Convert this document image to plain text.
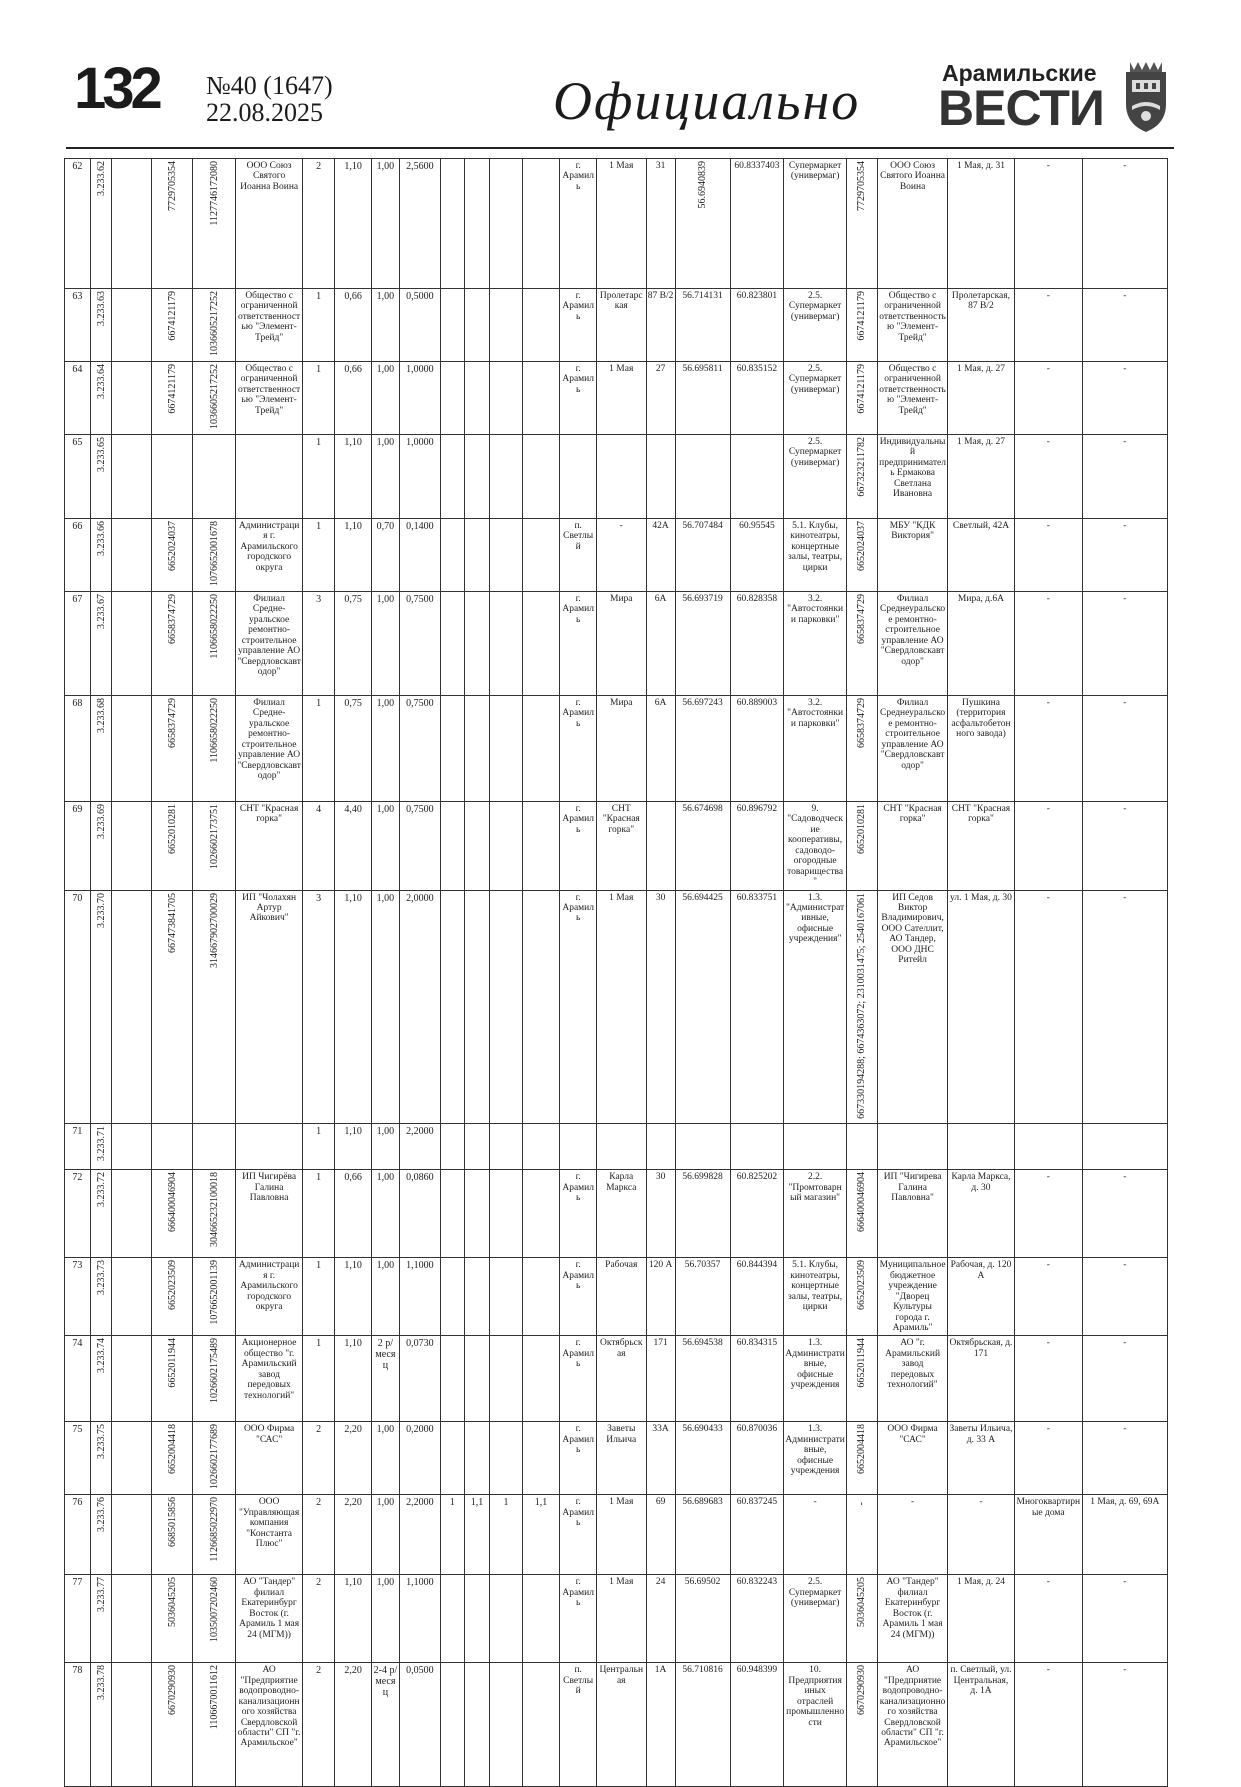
132 №40 (1647)
22.08.2025	Официально	Арамильские
ВЕСТИ
62	3.233.62		7729705354	1127746172080	ООО Союз Святого Иоанна Воина	2	1,10	1,00	2,5600					г. Арамиль	1 Мая	31	56.6940839	60.8337403	Супермаркет (универмаг)	7729705354	ООО Союз Святого Иоанна Воина	1 Мая, д. 31	-	-
63	3.233.63		6674121179	1036605217252	Общество с ограниченной ответственностью "Элемент-Трейд"	1	0,66	1,00	0,5000					г. Арамиль	Пролетарская	87 В/2	56.714131	60.823801	2.5. Супермаркет (универмаг)	6674121179	Общество с ограниченной ответственностью "Элемент-Трейд"	Пролетарская, 87 В/2	-	-
64	3.233.64		6674121179	1036605217252	Общество с ограниченной ответственностью "Элемент-Трейд"	1	0,66	1,00	1,0000					г. Арамиль	1 Мая	27	56.695811	60.835152	2.5. Супермаркет (универмаг)	6674121179	Общество с ограниченной ответственностью "Элемент-Трейд"	1 Мая, д. 27	-	-
65	3.233.65					1	1,10	1,00	1,0000										2.5. Супермаркет (универмаг)	667323211782	Индивидуальный предприниматель Ермакова Светлана Ивановна	1 Мая, д. 27	-	-
66	3.233.66		6652024037	1076652001678	Администрация г. Арамильского городского округа	1	1,10	0,70	0,1400					п. Светлый	-	42А	56.707484	60.95545	5.1. Клубы, кинотеатры, концертные залы, театры, цирки	6652024037	МБУ "КДК Виктория"	Светлый, 42А	-	-
67	3.233.67		6658374729	1106658022250	Филиал Средне-уральское ремонтно-строительное управление АО "Свердловскавтодор"	3	0,75	1,00	0,7500					г. Арамиль	Мира	6А	56.693719	60.828358	3.2. "Автостоянки и парковки"	6658374729	Филиал Среднеуральское ремонтно-строительное управление АО "Свердловскавтодор"	Мира, д.6А	-	-
68	3.233.68		6658374729	1106658022250	Филиал Средне-уральское ремонтно-строительное управление АО "Свердловскавтодор"	1	0,75	1,00	0,7500					г. Арамиль	Мира	6А	56.697243	60.889003	3.2. "Автостоянки и парковки"	6658374729	Филиал Среднеуральское ремонтно-строительное управление АО "Свердловскавтодор"	Пушкина (территория асфальтобетонного завода)	-	-
69	3.233.69		6652010281	1026602173751	СНТ "Красная горка"	4	4,40	1,00	0,7500					г. Арамиль	СНТ "Красная горка"		56.674698	60.896792	9. "Садоводческие кооперативы, садоводо-огородные товарищества"	6652010281	СНТ "Красная горка"	СНТ "Красная горка"	-	-
70	3.233.70		667473841705	314667902700029	ИП "Чолахян Артур Айкович"	3	1,10	1,00	2,0000					г. Арамиль	1 Мая	30	56.694425	60.833751	1.3. "Административные, офисные учреждения"	667330194288; 6674363072; 2310031475; 2540167061	ИП Седов Виктор Владимирович, ООО Сателлит, АО Тандер, ООО ДНС Ритейл	ул. 1 Мая, д. 30	-	-
71	3.233.71					1	1,10	1,00	2,2000															
72	3.233.72		666400046904	304665232100018	ИП Чигирёва Галина Павловна	1	0,66	1,00	0,0860					г. Арамиль	Карла Маркса	30	56.699828	60.825202	2.2. "Промтоварный магазин"	666400046904	ИП "Чигирева Галина Павловна"	Карла Маркса, д. 30	-	-
73	3.233.73		6652023509	1076652001139	Администрация г. Арамильского городского округа	1	1,10	1,00	1,1000					г. Арамиль	Рабочая	120 А	56.70357	60.844394	5.1. Клубы, кинотеатры, концертные залы, театры, цирки	6652023509	Муниципальное бюджетное учреждение "Дворец Культуры города г. Арамиль"	Рабочая, д. 120 А	-	-
74	3.233.74		6652011944	1026602175489	Акционерное общество "г. Арамильский завод передовых технологий"	1	1,10	2 р/месяц	0,0730					г. Арамиль	Октябрьская	171	56.694538	60.834315	1.3. Административные, офисные учреждения	6652011944	АО "г. Арамильский завод передовых технологий"	Октябрьская, д. 171	-	-
75	3.233.75		6652004418	1026602177689	ООО Фирма "САС"	2	2,20	1,00	0,2000					г. Арамиль	Заветы Ильича	33А	56.690433	60.870036	1.3. Административные, офисные учреждения	6652004418	ООО Фирма "САС"	Заветы Ильича, д. 33 А	-	-
76	3.233.76		6685015856	1126685022970	ООО "Управляющая компания "Константа Плюс"	2	2,20	1,00	2,2000	1	1,1	1	1,1	г. Арамиль	1 Мая	69	56.689683	60.837245	-	-	-	-	Многоквартирные дома	1 Мая, д. 69, 69А
77	3.233.77		5036045205	1035007202460	АО "Тандер" филиал Екатеринбург Восток (г. Арамиль 1 мая 24 (МГМ))	2	1,10	1,00	1,1000					г. Арамиль	1 Мая	24	56.69502	60.832243	2.5. Супермаркет (универмаг)	5036045205	АО "Тандер" филиал Екатеринбург Восток (г. Арамиль 1 мая 24 (МГМ))	1 Мая, д. 24	-	-
78	3.233.78		6670290930	1106670011612	АО "Предприятие водопроводно-канализационного хозяйства Свердловской области" СП "г. Арамильское"	2	2,20	2-4 р/месяц	0,0500					п. Светлый	Центральная	1А	56.710816	60.948399	10. Предприятия иных отраслей промышленности	6670290930	АО "Предприятие водопроводно-канализационного хозяйства Свердловской области" СП "г. Арамильское"	п. Светлый, ул. Центральная, д. 1А	-	-
